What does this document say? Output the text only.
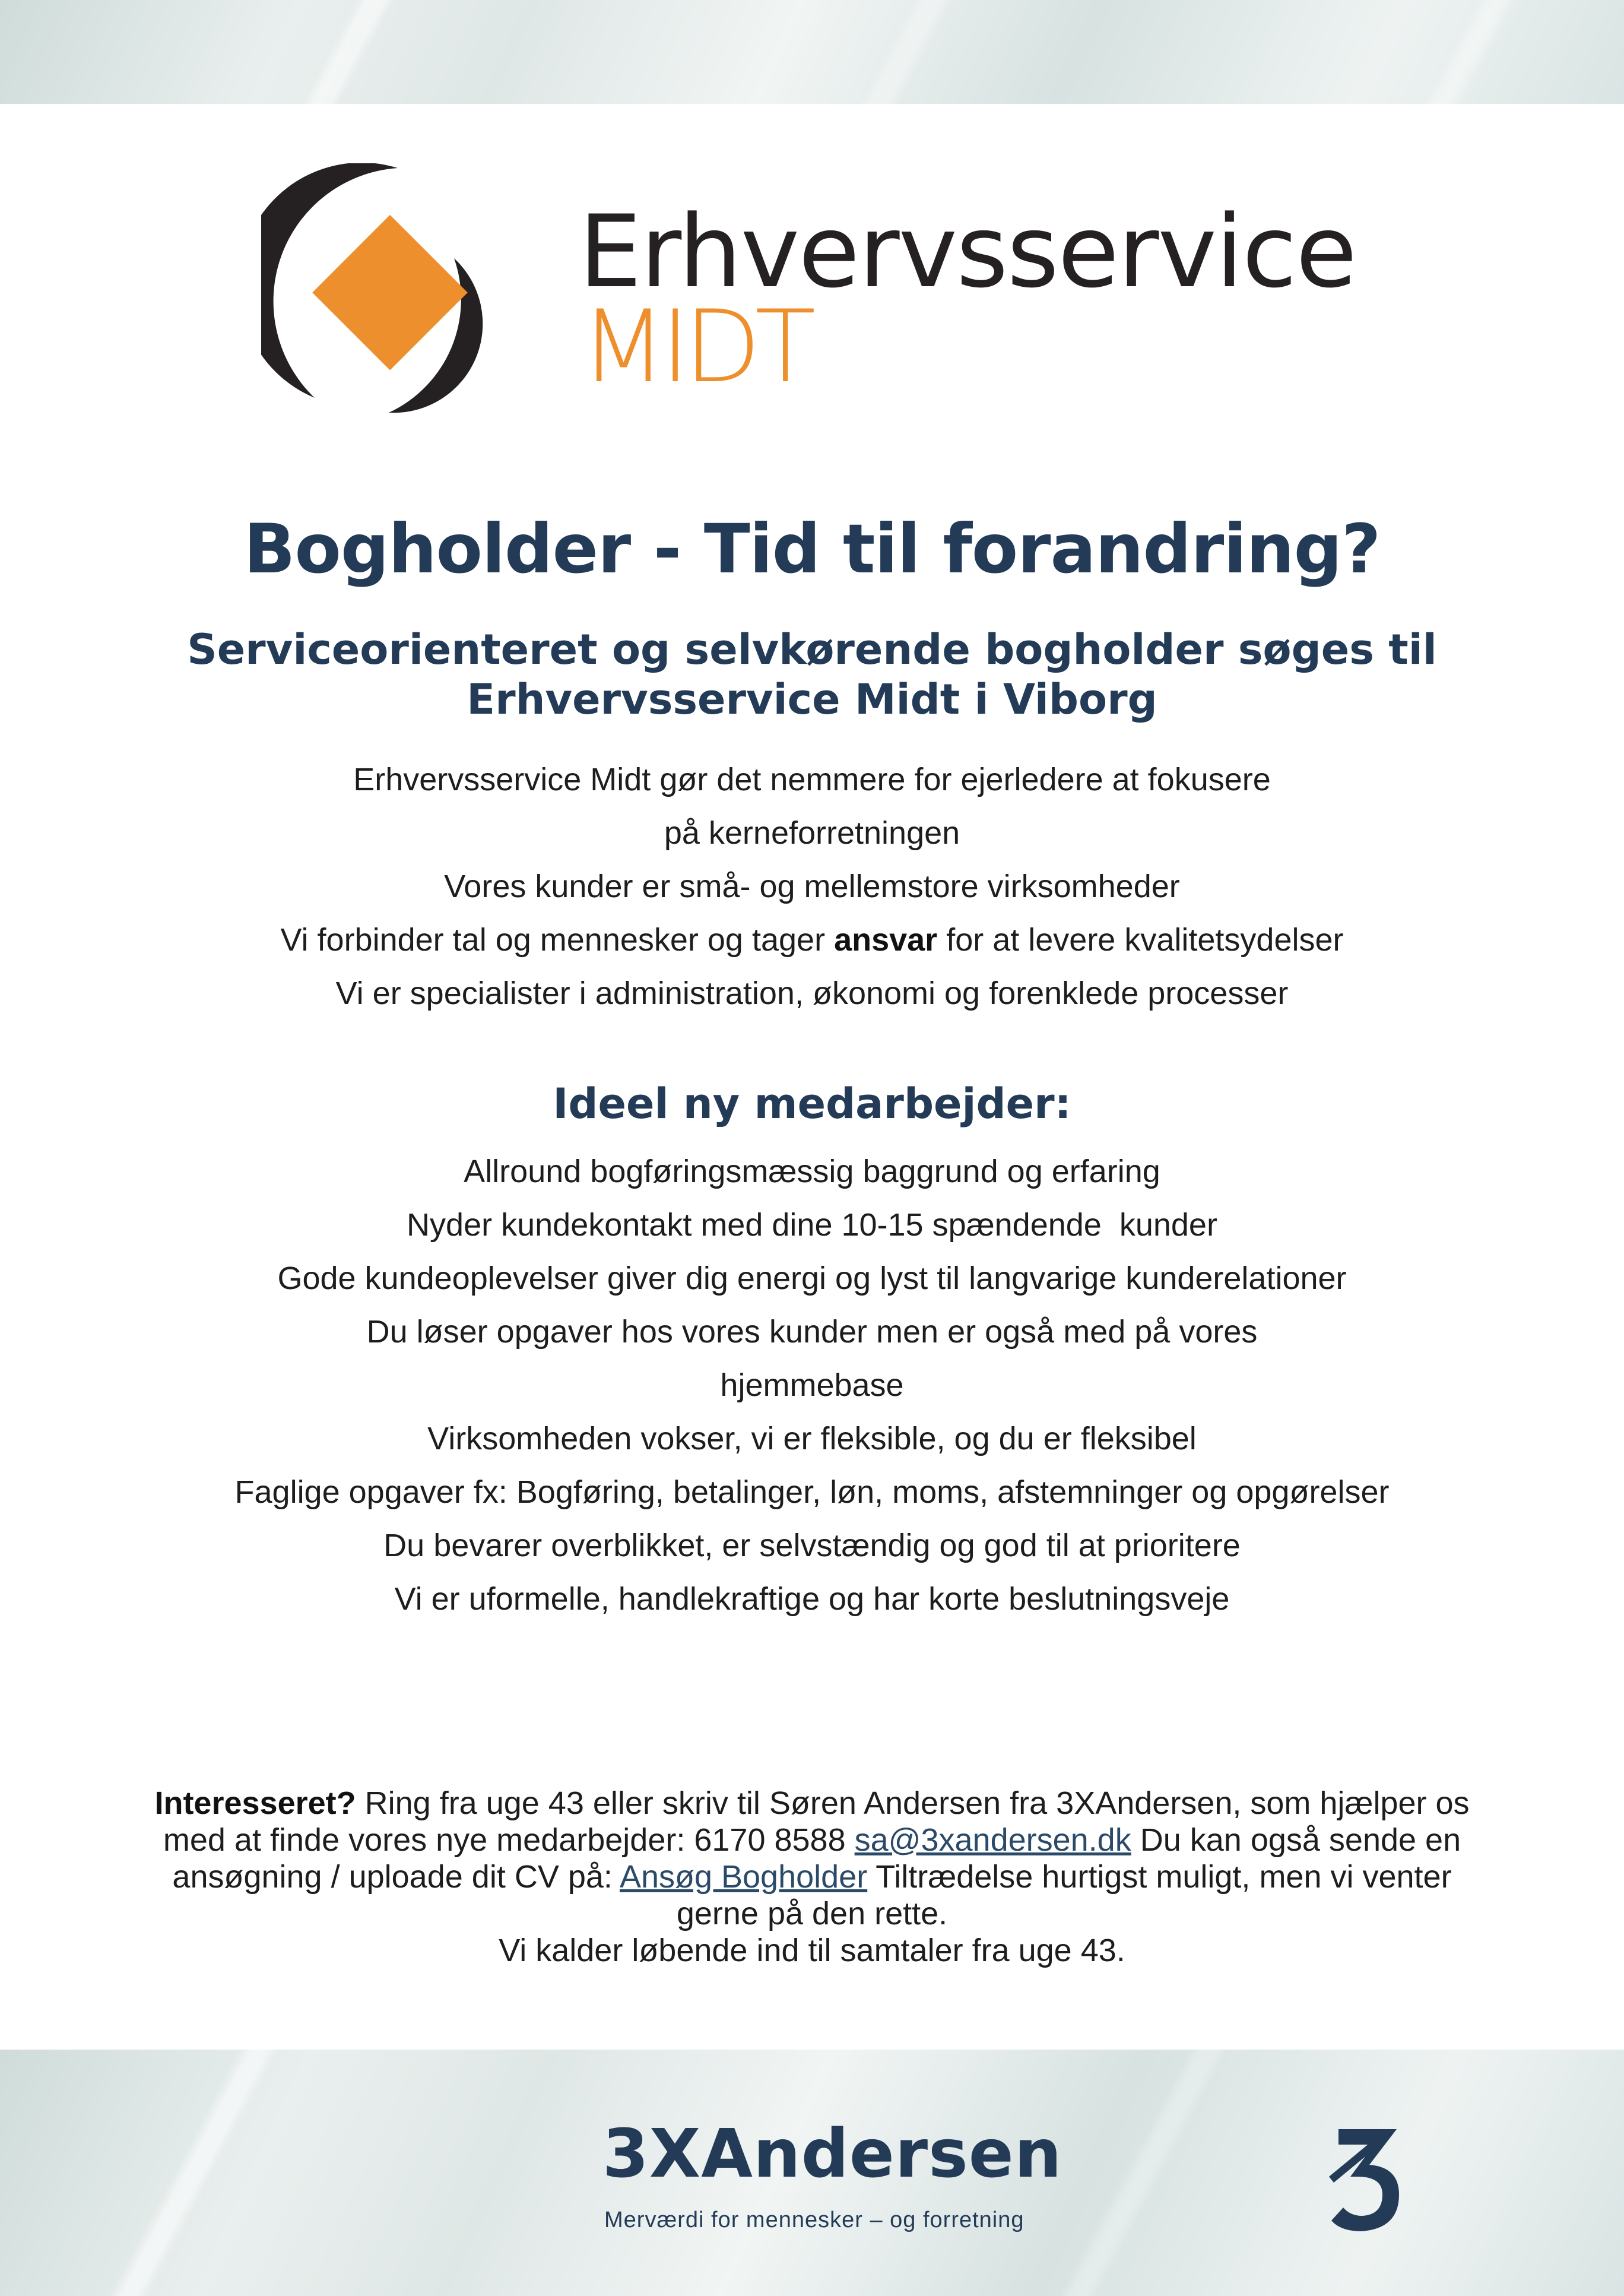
Erhvervsservice
MIDT
Bogholder - Tid til forandring?
Serviceorienteret og selvkørende bogholder søges til
Erhvervsservice Midt i Viborg
Erhvervsservice Midt gør det nemmere for ejerledere at fokusere
på kerneforretningen
Vores kunder er små- og mellemstore virksomheder
Vi forbinder tal og mennesker og tager ansvar for at levere kvalitetsydelser
Vi er specialister i administration, økonomi og forenklede processer
Ideel ny medarbejder:
Allround bogføringsmæssig baggrund og erfaring
Nyder kundekontakt med dine 10-15 spændende  kunder
Gode kundeoplevelser giver dig energi og lyst til langvarige kunderelationer
Du løser opgaver hos vores kunder men er også med på vores
hjemmebase
Virksomheden vokser, vi er fleksible, og du er fleksibel
Faglige opgaver fx: Bogføring, betalinger, løn, moms, afstemninger og opgørelser
Du bevarer overblikket, er selvstændig og god til at prioritere
Vi er uformelle, handlekraftige og har korte beslutningsveje
Interesseret? Ring fra uge 43 eller skriv til Søren Andersen fra 3XAndersen, som hjælper os med at finde vores nye medarbejder: 6170 8588 sa@3xandersen.dk Du kan også sende en ansøgning / uploade dit CV på: Ansøg Bogholder Tiltrædelse hurtigst muligt, men vi venter gerne på den rette.
Vi kalder løbende ind til samtaler fra uge 43.
3XAndersen
Merværdi for mennesker – og forretning
